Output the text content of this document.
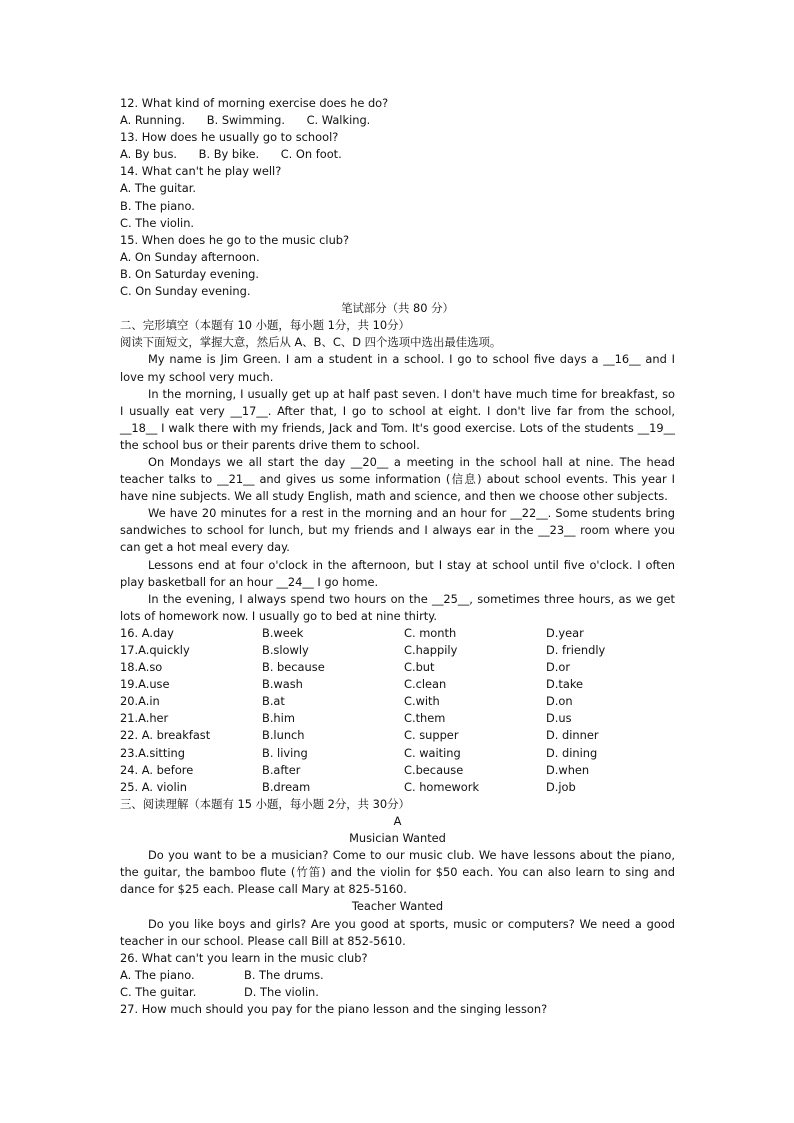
12. What kind of morning exercise does he do?
A. Running. B. Swimming. C. Walking.
13. How does he usually go to school?
A. By bus. B. By bike. C. On foot.
14. What can't he play well?
A. The guitar.
B. The piano.
C. The violin.
15. When does he go to the music club?
A. On Sunday afternoon.
B. On Saturday evening.
C. On Sunday evening.
笔试部分（共 80 分）
二、完形填空（本题有 10 小题，每小题 1分，共 10分）
阅读下面短文，掌握大意，然后从 A、B、C、D 四个选项中选出最佳选项。
My name is Jim Green. I am a student in a school. I go to school five days a __16__ and I love my school very much.
In the morning, I usually get up at half past seven. I don't have much time for breakfast, so I usually eat very __17__. After that, I go to school at eight. I don't live far from the school, __18__ I walk there with my friends, Jack and Tom. It's good exercise. Lots of the students __19__ the school bus or their parents drive them to school.
On Mondays we all start the day __20__ a meeting in the school hall at nine. The head teacher talks to __21__ and gives us some information (信息) about school events. This year I have nine subjects. We all study English, math and science, and then we choose other subjects.
We have 20 minutes for a rest in the morning and an hour for __22__. Some students bring sandwiches to school for lunch, but my friends and I always ear in the __23__ room where you can get a hot meal every day.
Lessons end at four o'clock in the afternoon, but I stay at school until five o'clock. I often play basketball for an hour __24__ I go home.
In the evening, I always spend two hours on the __25__, sometimes three hours, as we get lots of homework now. I usually go to bed at nine thirty.
16. A.day	B.week	C. month	D.year
17.A.quickly	B.slowly	C.happily	D. friendly
18.A.so	B. because	C.but	D.or
19.A.use	B.wash	C.clean	D.take
20.A.in	B.at	C.with	D.on
21.A.her	B.him	C.them	D.us
22. A. breakfast	B.lunch	C. supper	D. dinner
23.A.sitting	B. living	C. waiting	D. dining
24. A. before	B.after	C.because	D.when
25. A. violin	B.dream	C. homework	D.job
三、阅读理解（本题有 15 小题，每小题 2分，共 30分）
A
Musician Wanted
Do you want to be a musician? Come to our music club. We have lessons about the piano, the guitar, the bamboo flute (竹笛) and the violin for $50 each. You can also learn to sing and dance for $25 each. Please call Mary at 825-5160.
Teacher Wanted
Do you like boys and girls? Are you good at sports, music or computers? We need a good teacher in our school. Please call Bill at 852-5610.
26. What can't you learn in the music club?
A. The piano.	B. The drums.
C. The guitar.	D. The violin.
27. How much should you pay for the piano lesson and the singing lesson?
